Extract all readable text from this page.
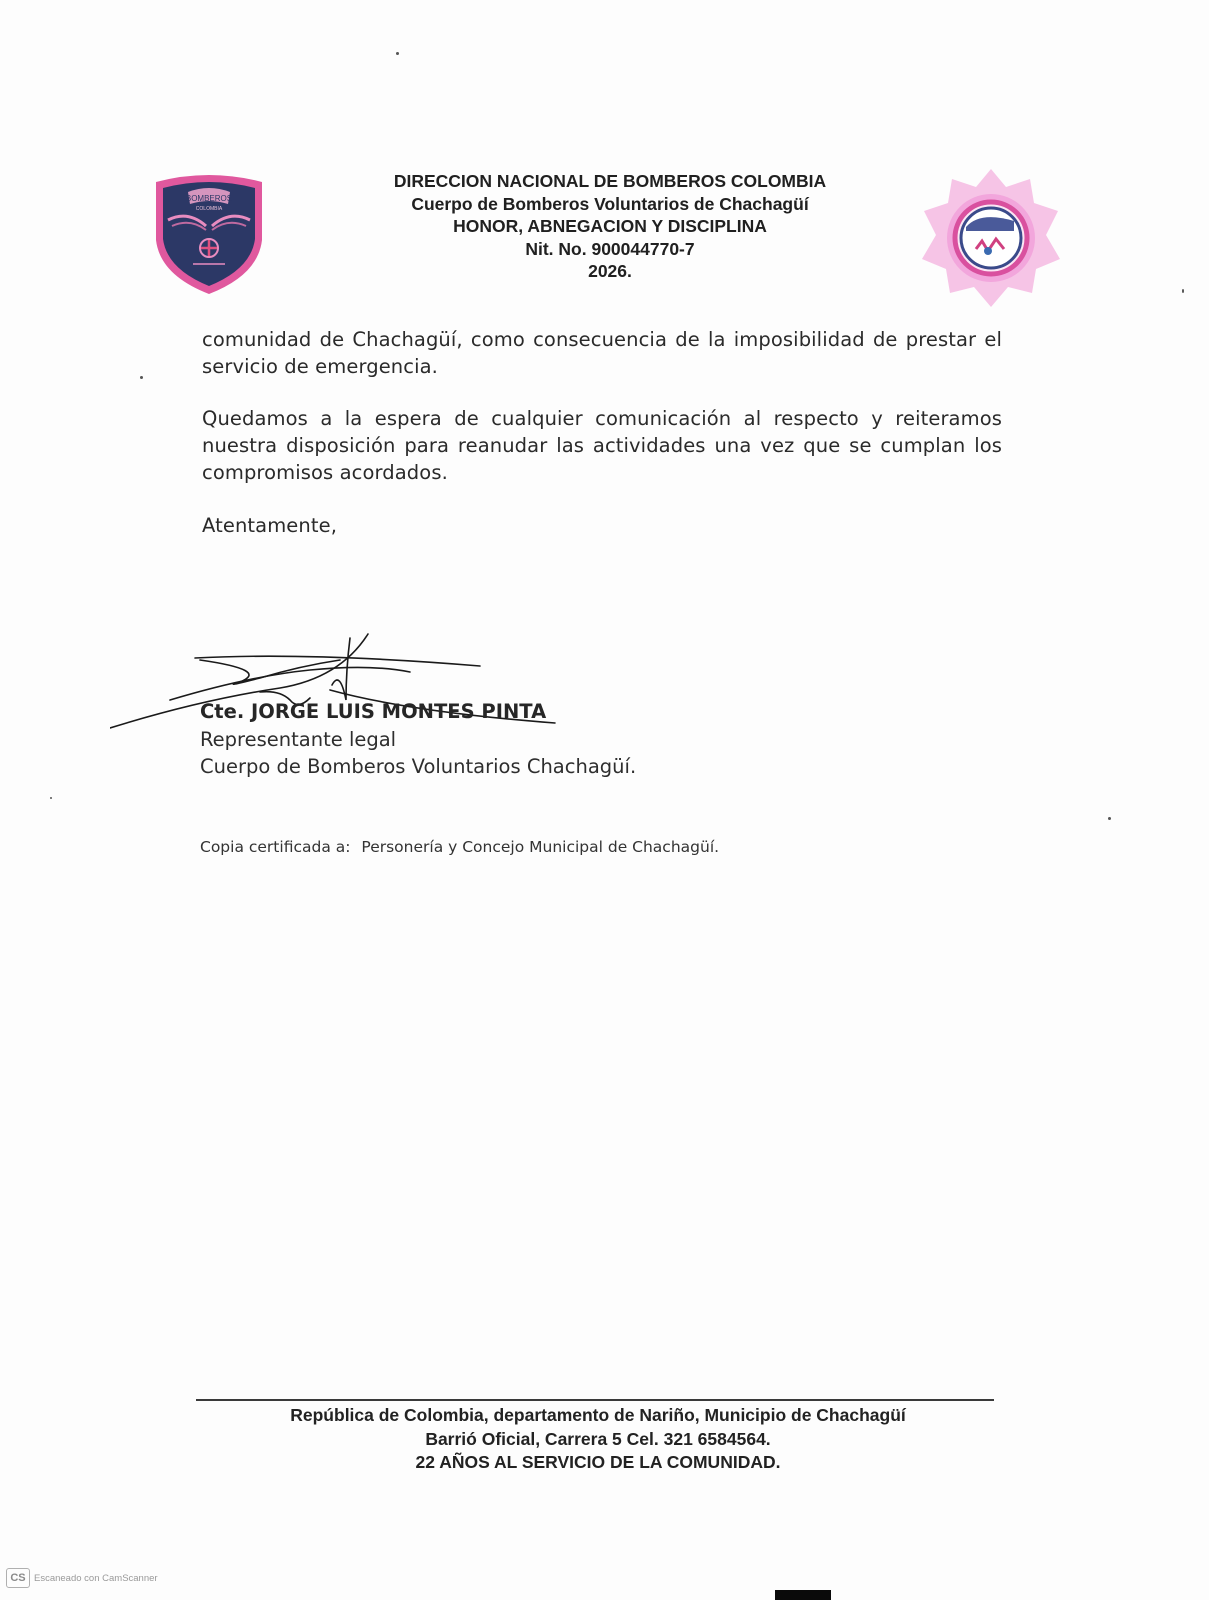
BOMBEROS
COLOMBIA
DIRECCION NACIONAL DE BOMBEROS COLOMBIA
Cuerpo de Bomberos Voluntarios de Chachagüí
HONOR, ABNEGACION Y DISCIPLINA
Nit. No. 900044770-7
2026.
comunidad de Chachagüí, como consecuencia de la imposibilidad de prestar el servicio de emergencia.
Quedamos a la espera de cualquier comunicación al respecto y reiteramos nuestra disposición para reanudar las actividades una vez que se cumplan los compromisos acordados.
Atentamente,
Cte. JORGE LUIS MONTES PINTA
Representante legal
Cuerpo de Bomberos Voluntarios Chachagüí.
Copia certificada a: Personería y Concejo Municipal de Chachagüí.
República de Colombia, departamento de Nariño, Municipio de Chachagüí
Barrió Oficial, Carrera 5 Cel. 321 6584564.
22 AÑOS AL SERVICIO DE LA COMUNIDAD.
CS Escaneado con CamScanner
